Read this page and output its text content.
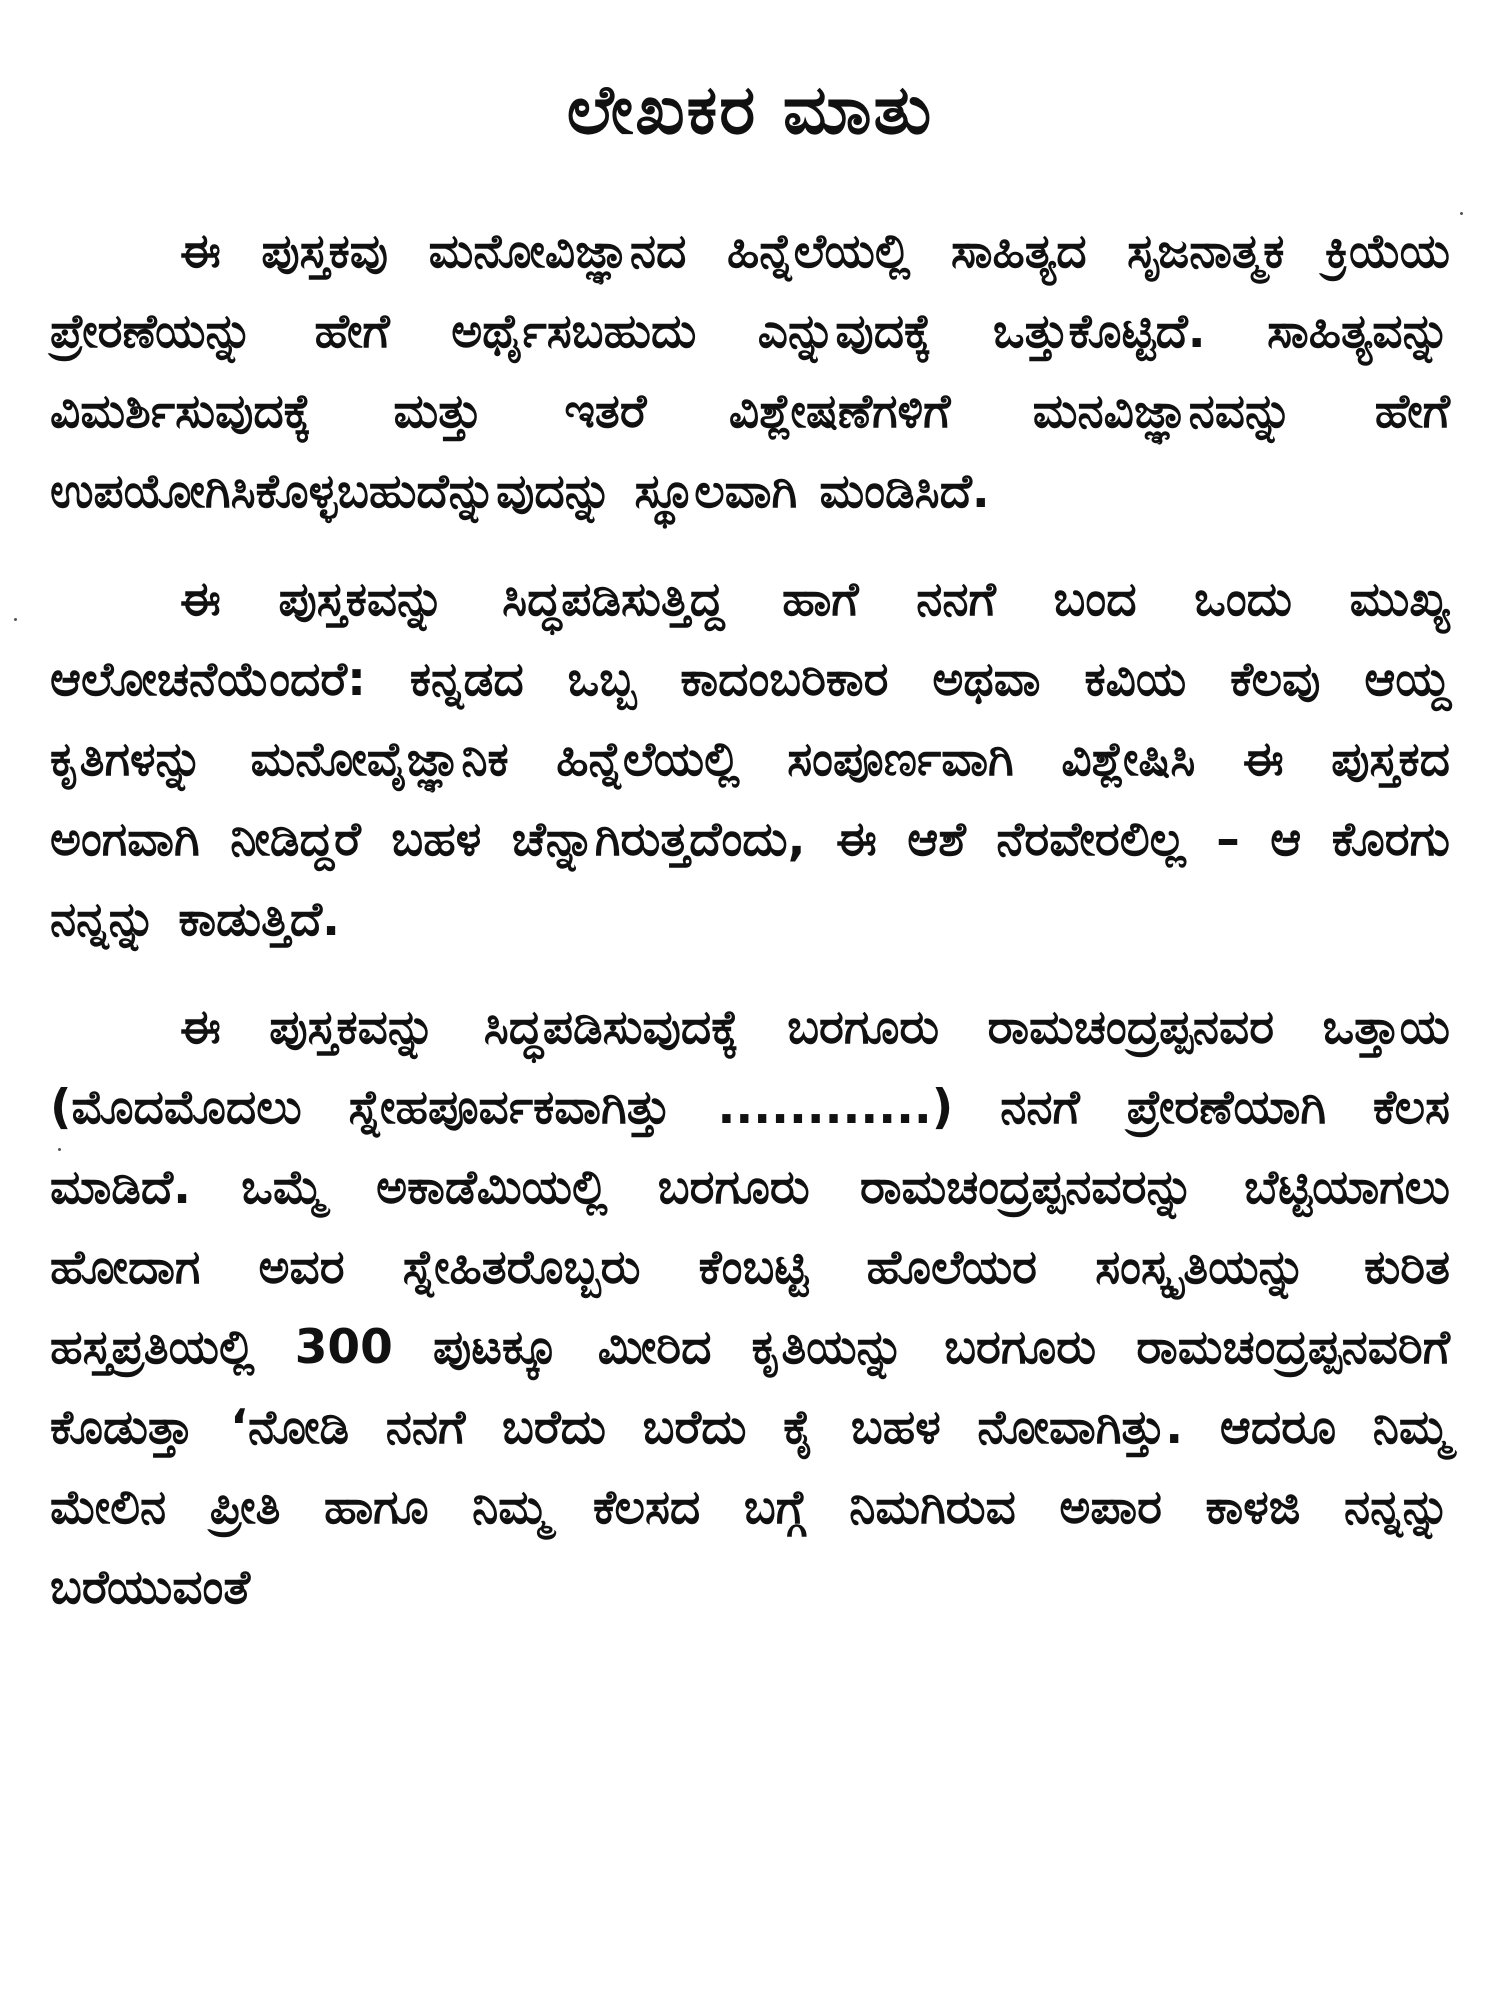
ಲೇಖಕರ ಮಾತು

ಈ ಪುಸ್ತಕವು ಮನೋವಿಜ್ಞಾನದ ಹಿನ್ನೆಲೆಯಲ್ಲಿ ಸಾಹಿತ್ಯದ ಸೃಜನಾತ್ಮಕ ಕ್ರಿಯೆಯ ಪ್ರೇರಣೆಯನ್ನು ಹೇಗೆ ಅರ್ಥೈಸಬಹುದು ಎನ್ನುವುದಕ್ಕೆ ಒತ್ತುಕೊಟ್ಟಿದೆ. ಸಾಹಿತ್ಯವನ್ನು ವಿಮರ್ಶಿಸುವುದಕ್ಕೆ ಮತ್ತು ಇತರೆ ವಿಶ್ಲೇಷಣೆಗಳಿಗೆ ಮನವಿಜ್ಞಾನವನ್ನು ಹೇಗೆ ಉಪಯೋಗಿಸಿಕೊಳ್ಳಬಹುದೆನ್ನುವುದನ್ನು ಸ್ಥೂಲವಾಗಿ ಮಂಡಿಸಿದೆ.

ಈ ಪುಸ್ತಕವನ್ನು ಸಿದ್ಧಪಡಿಸುತ್ತಿದ್ದ ಹಾಗೆ ನನಗೆ ಬಂದ ಒಂದು ಮುಖ್ಯ ಆಲೋಚನೆಯೆಂದರೆ: ಕನ್ನಡದ ಒಬ್ಬ ಕಾದಂಬರಿಕಾರ ಅಥವಾ ಕವಿಯ ಕೆಲವು ಆಯ್ದ ಕೃತಿಗಳನ್ನು ಮನೋವೈಜ್ಞಾನಿಕ ಹಿನ್ನೆಲೆಯಲ್ಲಿ ಸಂಪೂರ್ಣವಾಗಿ ವಿಶ್ಲೇಷಿಸಿ ಈ ಪುಸ್ತಕದ ಅಂಗವಾಗಿ ನೀಡಿದ್ದರೆ ಬಹಳ ಚೆನ್ನಾಗಿರುತ್ತದೆಂದು, ಈ ಆಶೆ ನೆರವೇರಲಿಲ್ಲ – ಆ ಕೊರಗು ನನ್ನನ್ನು ಕಾಡುತ್ತಿದೆ.

ಈ ಪುಸ್ತಕವನ್ನು ಸಿದ್ಧಪಡಿಸುವುದಕ್ಕೆ ಬರಗೂರು ರಾಮಚಂದ್ರಪ್ಪನವರ ಒತ್ತಾಯ (ಮೊದಮೊದಲು ಸ್ನೇಹಪೂರ್ವಕವಾಗಿತ್ತು ............) ನನಗೆ ಪ್ರೇರಣೆಯಾಗಿ ಕೆಲಸ ಮಾಡಿದೆ. ಒಮ್ಮೆ ಅಕಾಡೆಮಿಯಲ್ಲಿ ಬರಗೂರು ರಾಮಚಂದ್ರಪ್ಪನವರನ್ನು ಬೆಟ್ಟಿಯಾಗಲು ಹೋದಾಗ ಅವರ ಸ್ನೇಹಿತರೊಬ್ಬರು ಕೆಂಬಟ್ಟಿ ಹೊಲೆಯರ ಸಂಸ್ಕೃತಿಯನ್ನು ಕುರಿತ ಹಸ್ತಪ್ರತಿಯಲ್ಲಿ 300 ಪುಟಕ್ಕೂ ಮೀರಿದ ಕೃತಿಯನ್ನು ಬರಗೂರು ರಾಮಚಂದ್ರಪ್ಪನವರಿಗೆ ಕೊಡುತ್ತಾ ‘ನೋಡಿ ನನಗೆ ಬರೆದು ಬರೆದು ಕೈ ಬಹಳ ನೋವಾಗಿತ್ತು. ಆದರೂ ನಿಮ್ಮ ಮೇಲಿನ ಪ್ರೀತಿ ಹಾಗೂ ನಿಮ್ಮ ಕೆಲಸದ ಬಗ್ಗೆ ನಿಮಗಿರುವ ಅಪಾರ ಕಾಳಜಿ ನನ್ನನ್ನು ಬರೆಯುವಂತೆ
